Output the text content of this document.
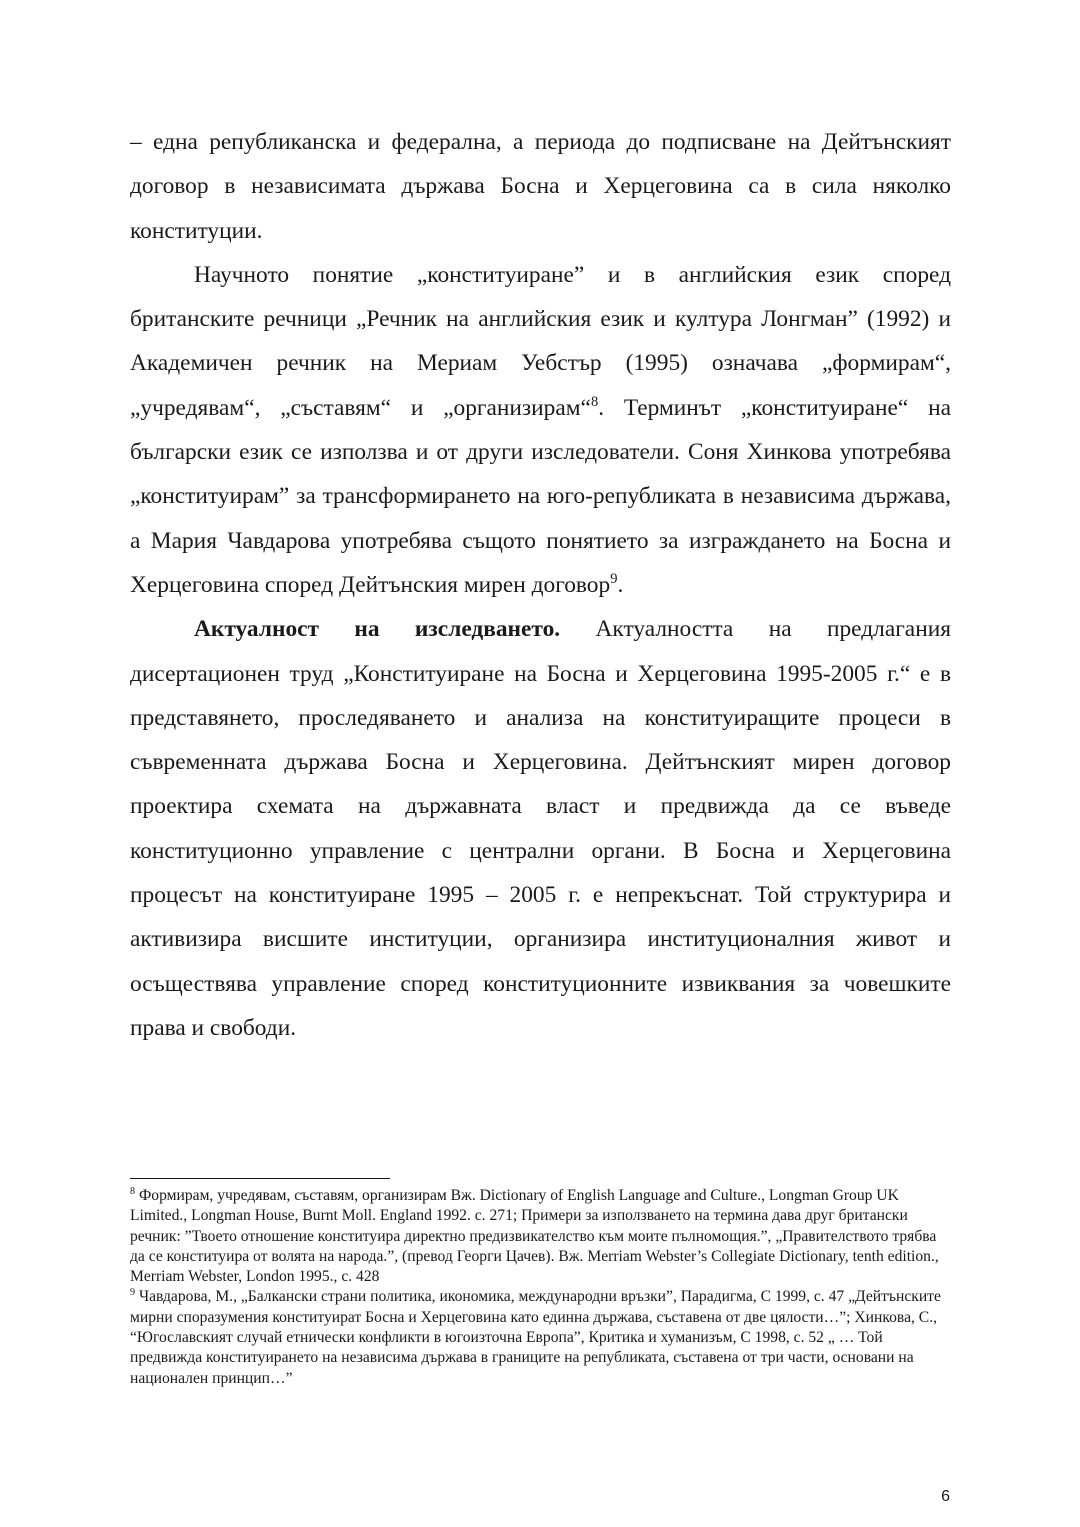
– една републиканска и федерална, а периода до подписване на Дейтънският договор в независимата държава Босна и Херцеговина са в сила няколко конституции.

Научното понятие „конституиране” и в английския език според британските речници „Речник на английския език и култура Лонгман” (1992) и Академичен речник на Мериам Уебстър (1995) означава „формирам“, „учредявам“, „съставям“ и „организирам“$^8$. Терминът „конституиране“ на български език се използва и от други изследователи. Соня Хинкова употребява „конституирам” за трансформирането на юго-републиката в независима държава, а Мария Чавдарова употребява същото понятието за изграждането на Босна и Херцеговина според Дейтънския мирен договор$^9$.

Актуалност на изследването. Актуалността на предлагания дисертационен труд „Конституиране на Босна и Херцеговина 1995-2005 г.“ е в представянето, проследяването и анализа на конституиращите процеси в съвременната държава Босна и Херцеговина. Дейтънският мирен договор проектира схемата на държавната власт и предвижда да се въведе конституционно управление с централни органи. В Босна и Херцеговина процесът на конституиране 1995 – 2005 г. е непрекъснат. Той структурира и активизира висшите институции, организира институционалния живот и осъществява управление според конституционните извиквания за човешките права и свободи.

$^8$ Формирам, учредявам, съставям, организирам Вж. Dictionary of English Language and Culture., Longman Group UK Limited., Longman House, Burnt Moll. England 1992. c. 271; Примери за използването на термина дава друг британски речник: ”Твоето отношение конституира директно предизвикателство към моите пълномощия.”, „Правителството трябва да се конституира от волята на народа.”, (превод Георги Цачев). Вж. Merriam Webster’s Collegiate Dictionary, tenth edition., Merriam Webster, London 1995., c. 428

$^9$ Чавдарова, М., „Балкански страни политика, икономика, международни връзки”, Парадигма, С 1999, с. 47 „Дейтънските мирни споразумения конституират Босна и Херцеговина като единна държава, съставена от две цялости…”; Хинкова, С., “Югославският случай етнически конфликти в югоизточна Европа”, Критика и хуманизъм, С 1998, с. 52 „ … Той предвижда конституирането на независима държава в границите на републиката, съставена от три части, основани на национален принцип…”

6
